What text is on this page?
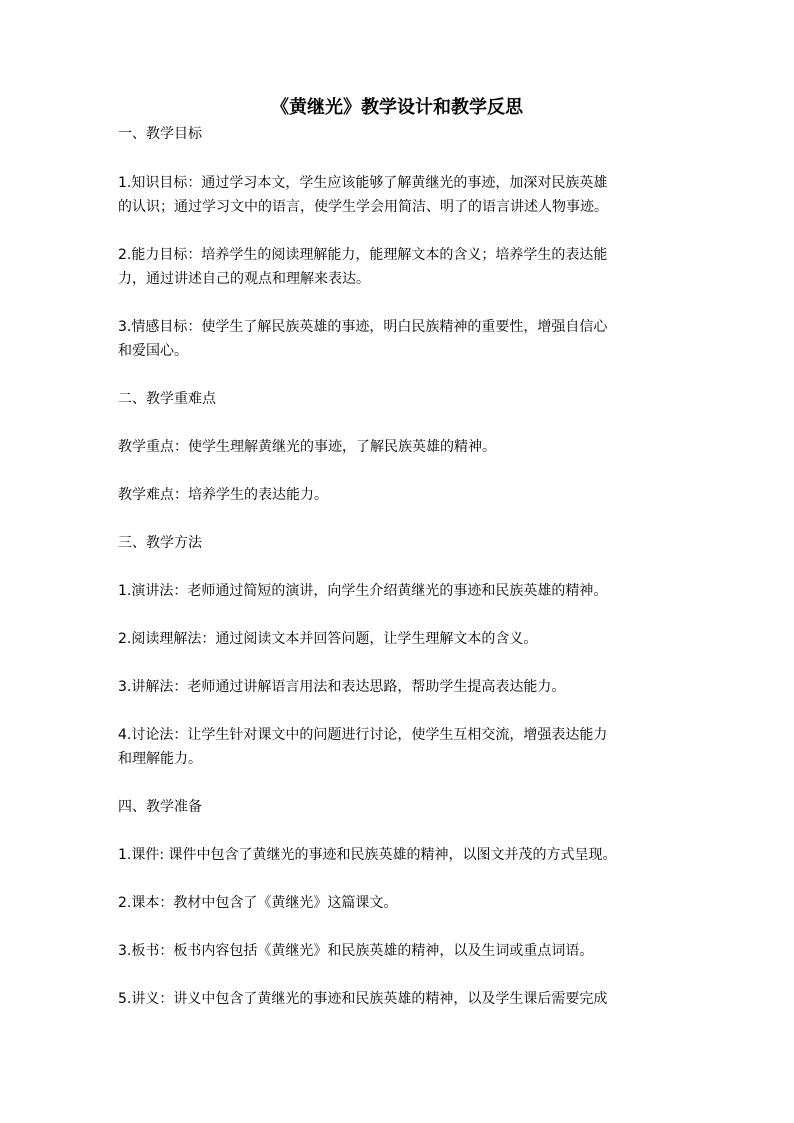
《黄继光》教学设计和教学反思
一、教学目标
1.知识目标：通过学习本文，学生应该能够了解黄继光的事迹，加深对民族英雄
的认识；通过学习文中的语言，使学生学会用简洁、明了的语言讲述人物事迹。
2.能力目标：培养学生的阅读理解能力，能理解文本的含义；培养学生的表达能
力，通过讲述自己的观点和理解来表达。
3.情感目标：使学生了解民族英雄的事迹，明白民族精神的重要性，增强自信心
和爱国心。
二、教学重难点
教学重点：使学生理解黄继光的事迹，了解民族英雄的精神。
教学难点：培养学生的表达能力。
三、教学方法
1.演讲法：老师通过简短的演讲，向学生介绍黄继光的事迹和民族英雄的精神。
2.阅读理解法：通过阅读文本并回答问题，让学生理解文本的含义。
3.讲解法：老师通过讲解语言用法和表达思路，帮助学生提高表达能力。
4.讨论法：让学生针对课文中的问题进行讨论，使学生互相交流，增强表达能力
和理解能力。
四、教学准备
1.课件: 课件中包含了黄继光的事迹和民族英雄的精神，以图文并茂的方式呈现。
2.课本：教材中包含了《黄继光》这篇课文。
3.板书：板书内容包括《黄继光》和民族英雄的精神，以及生词或重点词语。
5.讲义：讲义中包含了黄继光的事迹和民族英雄的精神，以及学生课后需要完成
